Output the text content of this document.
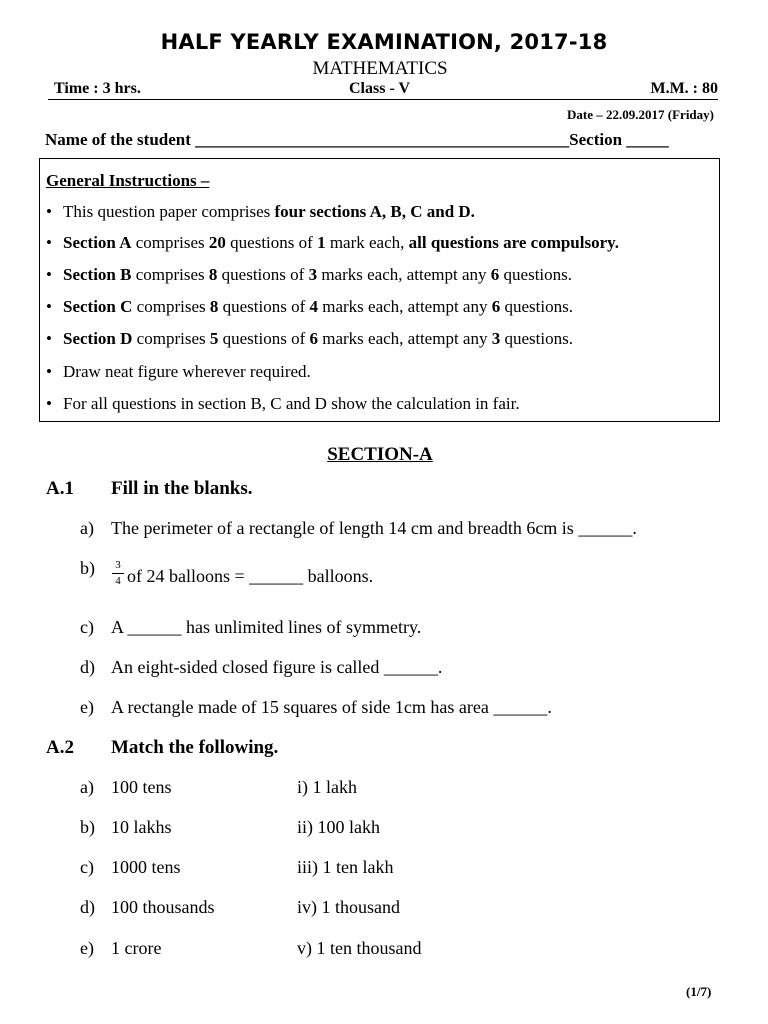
HALF YEARLY EXAMINATION, 2017-18
MATHEMATICS
Time : 3 hrs.	Class - V	M.M. : 80
Date – 22.09.2017 (Friday)
Name of the student ____________________________________________Section _____
General Instructions –
• This question paper comprises four sections A, B, C and D.
• Section A comprises 20 questions of 1 mark each, all questions are compulsory.
• Section B comprises 8 questions of 3 marks each, attempt any 6 questions.
• Section C comprises 8 questions of 4 marks each, attempt any 6 questions.
• Section D comprises 5 questions of 6 marks each, attempt any 3 questions.
• Draw neat figure wherever required.
• For all questions in section B, C and D show the calculation in fair.
SECTION-A
A.1 Fill in the blanks.
a) The perimeter of a rectangle of length 14 cm and breadth 6cm is ______.
b)	3
4 of 24 balloons = ______ balloons.
c) A ______ has unlimited lines of symmetry.
d) An eight-sided closed figure is called ______.
e) A rectangle made of 15 squares of side 1cm has area ______.
A.2 Match the following.
a) 100 tens	i) 1 lakh
b) 10 lakhs	ii) 100 lakh
c) 1000 tens	iii) 1 ten lakh
d) 100 thousands	iv) 1 thousand
e) 1 crore	v) 1 ten thousand
(1/7)
